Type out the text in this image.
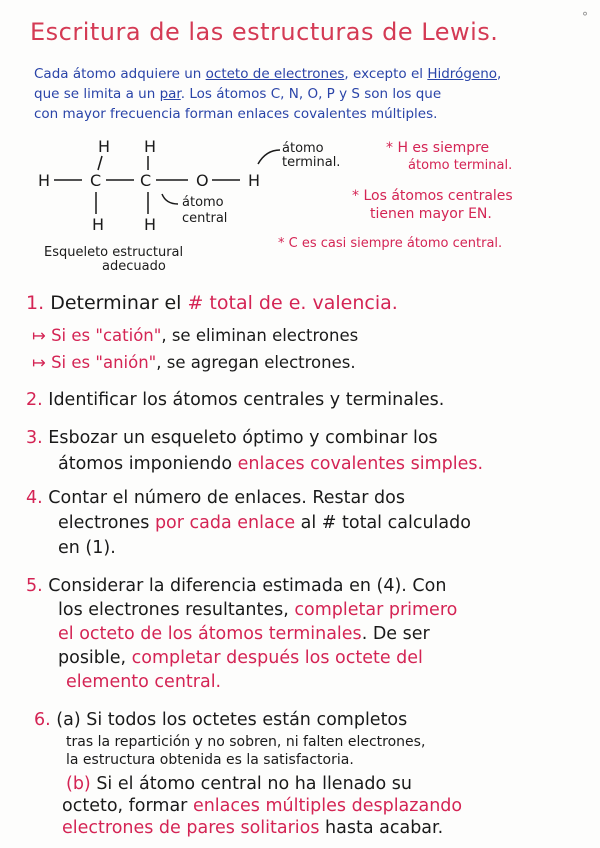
Escritura de las estructuras de Lewis.
°

Cada átomo adquiere un octeto de electrones, excepto el Hidrógeno,

que se limita a un par. Los átomos C, N, O, P y S son los que

con mayor frecuencia forman enlaces covalentes múltiples.

H H
H C C	O H
H H
átomo
terminal.
átomo
central
Esqueleto estructural
adecuado

* H es siempre

átomo terminal.

* Los átomos centrales

tienen mayor EN.

* C es casi siempre átomo central.

1. Determinar el # total de e. valencia.

↦ Si es "catión", se eliminan electrones

↦ Si es "anión", se agregan electrones.

2. Identificar los átomos centrales y terminales.

3. Esbozar un esqueleto óptimo y combinar los

átomos imponiendo enlaces covalentes simples.

4. Contar el número de enlaces. Restar dos

electrones por cada enlace al # total calculado

en (1).

5. Considerar la diferencia estimada en (4). Con

los electrones resultantes, completar primero

el octeto de los átomos terminales. De ser

posible, completar después los octete del

elemento central.

6. (a) Si todos los octetes están completos

tras la repartición y no sobren, ni falten electrones,

la estructura obtenida es la satisfactoria.

(b) Si el átomo central no ha llenado su

octeto, formar enlaces múltiples desplazando

electrones de pares solitarios hasta acabar.
